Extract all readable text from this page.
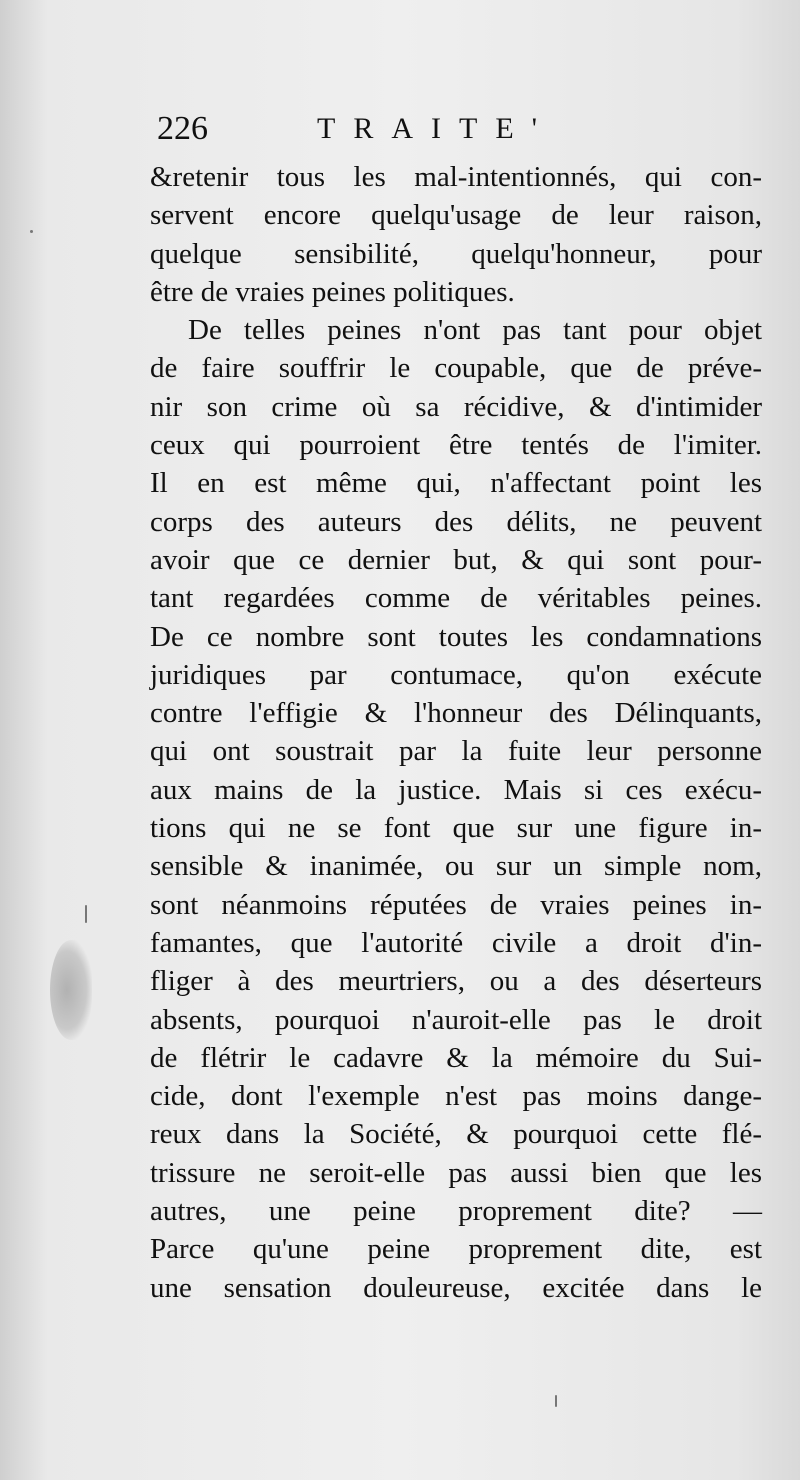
226	TRAITE'
&retenir tous les mal-intentionnés, qui con-
servent encore quelqu'usage de leur raison,
quelque sensibilité, quelqu'honneur, pour
être de vraies peines politiques.
De telles peines n'ont pas tant pour objet
de faire souffrir le coupable, que de préve-
nir son crime où sa récidive, & d'intimider
ceux qui pourroient être tentés de l'imiter.
Il en est même qui, n'affectant point les
corps des auteurs des délits, ne peuvent
avoir que ce dernier but, & qui sont pour-
tant regardées comme de véritables peines.
De ce nombre sont toutes les condamnations
juridiques par contumace, qu'on exécute
contre l'effigie & l'honneur des Délinquants,
qui ont soustrait par la fuite leur personne
aux mains de la justice. Mais si ces exécu-
tions qui ne se font que sur une figure in-
sensible & inanimée, ou sur un simple nom,
sont néanmoins réputées de vraies peines in-
famantes, que l'autorité civile a droit d'in-
fliger à des meurtriers, ou a des déserteurs
absents, pourquoi n'auroit-elle pas le droit
de flétrir le cadavre & la mémoire du Sui-
cide, dont l'exemple n'est pas moins dange-
reux dans la Société, & pourquoi cette flé-
trissure ne seroit-elle pas aussi bien que les
autres, une peine proprement dite? —
Parce qu'une peine proprement dite, est
une sensation douleureuse, excitée dans le
